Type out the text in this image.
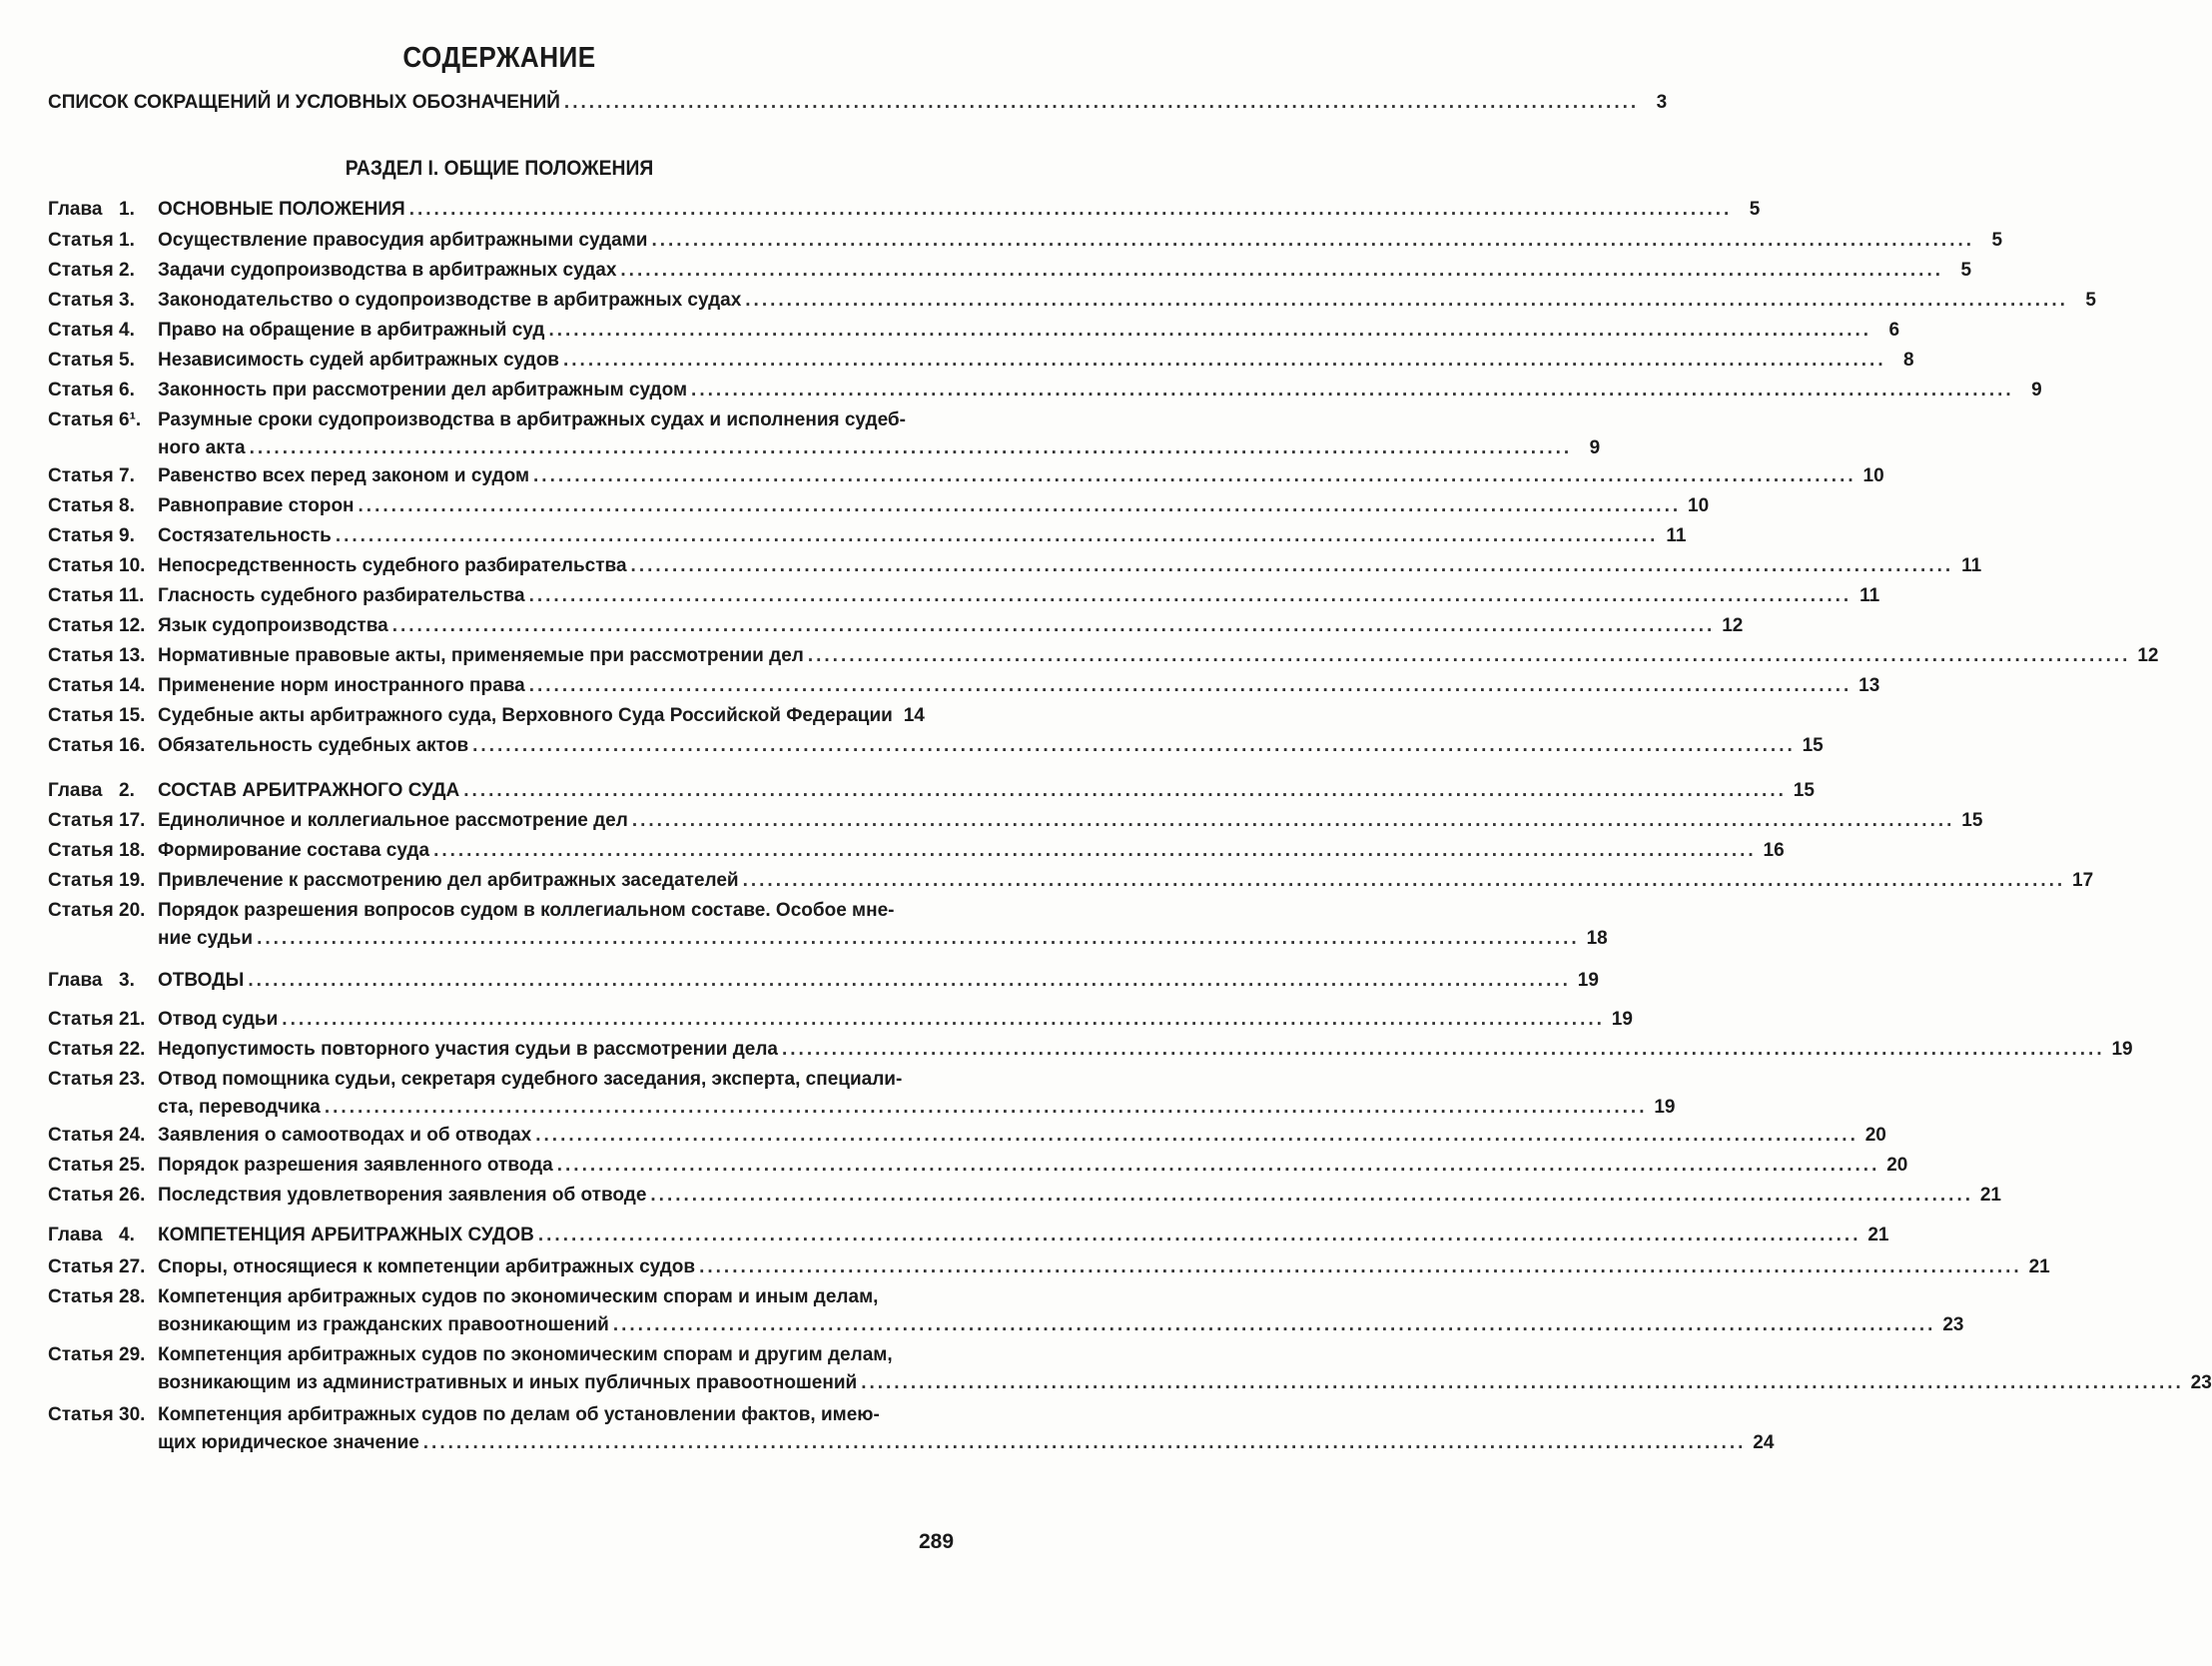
СОДЕРЖАНИЕ
СПИСОК СОКРАЩЕНИЙ И УСЛОВНЫХ ОБОЗНАЧЕНИЙ .................................................................................................................................. 3
РАЗДЕЛ I. ОБЩИЕ ПОЛОЖЕНИЯ
Глава 1. ОСНОВНЫЕ ПОЛОЖЕНИЯ ................................................................................................................................................................ 5
Статья 1. Осуществление правосудия арбитражными судами ................................................................................................................................................................ 5
Статья 2. Задачи судопроизводства в арбитражных судах ................................................................................................................................................................ 5
Статья 3. Законодательство о судопроизводстве в арбитражных судах ................................................................................................................................................................ 5
Статья 4. Право на обращение в арбитражный суд ................................................................................................................................................................ 6
Статья 5. Независимость судей арбитражных судов ................................................................................................................................................................ 8
Статья 6. Законность при рассмотрении дел арбитражным судом ................................................................................................................................................................ 9
Статья 6¹. Разумные сроки судопроизводства в арбитражных судах и исполнения судеб-
ного акта ................................................................................................................................................................ 9
Статья 7. Равенство всех перед законом и судом ................................................................................................................................................................ 10
Статья 8. Равноправие сторон ................................................................................................................................................................ 10
Статья 9. Состязательность ................................................................................................................................................................ 11
Статья 10. Непосредственность судебного разбирательства ................................................................................................................................................................ 11
Статья 11. Гласность судебного разбирательства ................................................................................................................................................................ 11
Статья 12. Язык судопроизводства ................................................................................................................................................................ 12
Статья 13. Нормативные правовые акты, применяемые при рассмотрении дел ................................................................................................................................................................ 12
Статья 14. Применение норм иностранного права ................................................................................................................................................................ 13
Статья 15. Судебные акты арбитражного суда, Верховного Суда Российской Федерации 14
Статья 16. Обязательность судебных актов ................................................................................................................................................................ 15
Глава 2. СОСТАВ АРБИТРАЖНОГО СУДА ................................................................................................................................................................ 15
Статья 17. Единоличное и коллегиальное рассмотрение дел ................................................................................................................................................................ 15
Статья 18. Формирование состава суда ................................................................................................................................................................ 16
Статья 19. Привлечение к рассмотрению дел арбитражных заседателей ................................................................................................................................................................ 17
Статья 20. Порядок разрешения вопросов судом в коллегиальном составе. Особое мне-
ние судьи ................................................................................................................................................................ 18
Глава 3. ОТВОДЫ ................................................................................................................................................................ 19
Статья 21. Отвод судьи ................................................................................................................................................................ 19
Статья 22. Недопустимость повторного участия судьи в рассмотрении дела ................................................................................................................................................................ 19
Статья 23. Отвод помощника судьи, секретаря судебного заседания, эксперта, специали-
ста, переводчика ................................................................................................................................................................ 19
Статья 24. Заявления о самоотводах и об отводах ................................................................................................................................................................ 20
Статья 25. Порядок разрешения заявленного отвода ................................................................................................................................................................ 20
Статья 26. Последствия удовлетворения заявления об отводе ................................................................................................................................................................ 21
Глава 4. КОМПЕТЕНЦИЯ АРБИТРАЖНЫХ СУДОВ ................................................................................................................................................................ 21
Статья 27. Споры, относящиеся к компетенции арбитражных судов ................................................................................................................................................................ 21
Статья 28. Компетенция арбитражных судов по экономическим спорам и иным делам,
возникающим из гражданских правоотношений ................................................................................................................................................................ 23
Статья 29. Компетенция арбитражных судов по экономическим спорам и другим делам,
возникающим из административных и иных публичных правоотношений ................................................................................................................................................................ 23
Статья 30. Компетенция арбитражных судов по делам об установлении фактов, имею-
щих юридическое значение ................................................................................................................................................................ 24
289
